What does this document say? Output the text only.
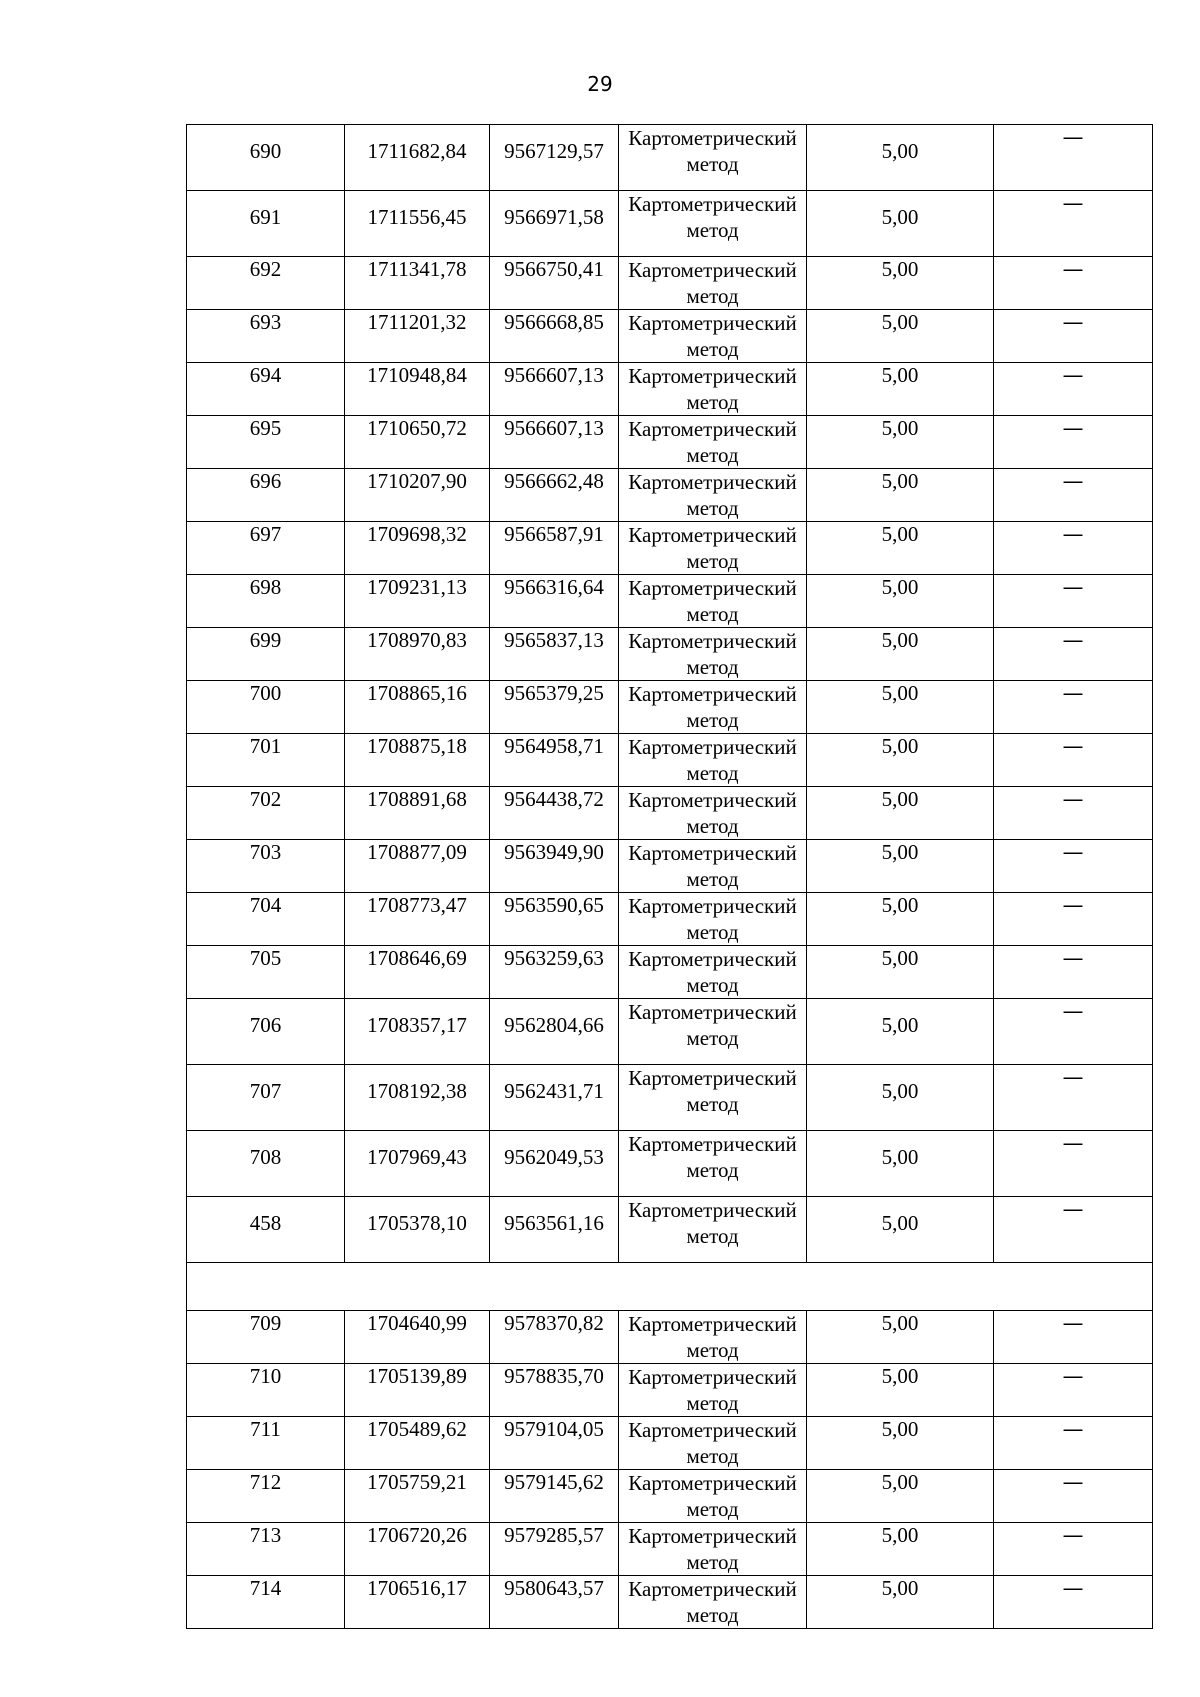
29
690	1711682,84	9567129,57	Картометрический метод	5,00	—
691	1711556,45	9566971,58	Картометрический метод	5,00	—
692	1711341,78	9566750,41	Картометрический метод	5,00	—
693	1711201,32	9566668,85	Картометрический метод	5,00	—
694	1710948,84	9566607,13	Картометрический метод	5,00	—
695	1710650,72	9566607,13	Картометрический метод	5,00	—
696	1710207,90	9566662,48	Картометрический метод	5,00	—
697	1709698,32	9566587,91	Картометрический метод	5,00	—
698	1709231,13	9566316,64	Картометрический метод	5,00	—
699	1708970,83	9565837,13	Картометрический метод	5,00	—
700	1708865,16	9565379,25	Картометрический метод	5,00	—
701	1708875,18	9564958,71	Картометрический метод	5,00	—
702	1708891,68	9564438,72	Картометрический метод	5,00	—
703	1708877,09	9563949,90	Картометрический метод	5,00	—
704	1708773,47	9563590,65	Картометрический метод	5,00	—
705	1708646,69	9563259,63	Картометрический метод	5,00	—
706	1708357,17	9562804,66	Картометрический метод	5,00	—
707	1708192,38	9562431,71	Картометрический метод	5,00	—
708	1707969,43	9562049,53	Картометрический метод	5,00	—
458	1705378,10	9563561,16	Картометрический метод	5,00	—

709	1704640,99	9578370,82	Картометрический метод	5,00	—
710	1705139,89	9578835,70	Картометрический метод	5,00	—
711	1705489,62	9579104,05	Картометрический метод	5,00	—
712	1705759,21	9579145,62	Картометрический метод	5,00	—
713	1706720,26	9579285,57	Картометрический метод	5,00	—
714	1706516,17	9580643,57	Картометрический метод	5,00	—
